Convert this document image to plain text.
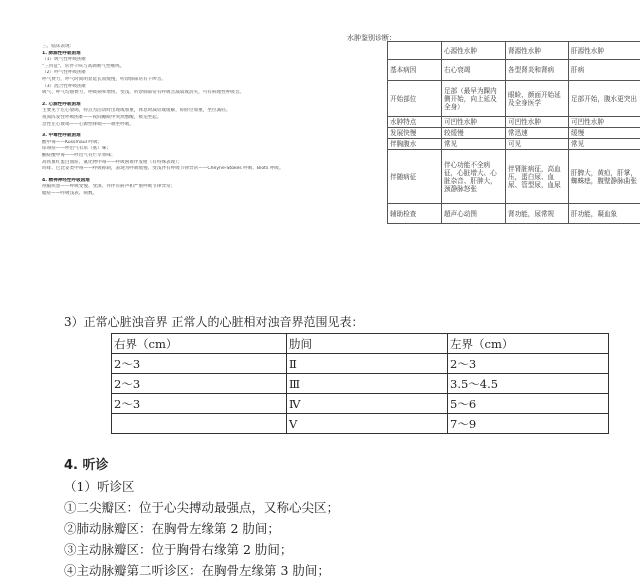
三、临床表现：
1. 肺源性呼吸困难
（1）吸气性呼吸困难
"三凹征"，常伴干咳与高调吸气性喉鸣。
（2）呼气性呼吸困难
呼气费力，呼气时间明显延长而缓慢，听诊肺部常有干啰音。
（3）混合性呼吸困难
吸气、呼气均感费力，呼吸频率增快、变浅，听诊肺部常有呼吸音减弱或消失，可有病理性呼吸音。
2. 心源性呼吸困难
主要见于左心衰竭，特点为活动时出现或加重，休息时减轻或缓解，仰卧位加重，坐位减轻。
夜间阵发性呼吸困难——夜间睡眠中突然憋醒，被迫坐起。
急性左心衰竭——心源性哮喘——端坐呼吸。
3. 中毒性呼吸困难
酸中毒——Kussmaul 呼吸；
尿毒症——呼出气有尿（氨）味；
酮症酸中毒——呼出气有烂苹果味；
高铁血红蛋白血症、氰化物中毒——呼吸困难伴发绀（有特殊表现）；
吗啡、巴比妥类中毒——呼吸抑制，表现为呼吸缓慢、变浅伴有呼吸节律异常——Cheyne-Stokes 呼吸、Biots 呼吸。
4. 精神神经性呼吸困难
颅脑疾患——呼吸变慢、变深，并伴有鼾声和严重呼吸节律异常；
癔症——呼吸浅表、频数。
水肿鉴别诊断：
	心源性水肿	肾源性水肿	肝源性水肿
基本病因	右心衰竭	各型肾炎和肾病	肝病
开始部位	足部（最早为踝内侧开始，向上延及全身）	眼睑、颜面开始延及全身医学	足部开始，腹水更突出
水肿特点	可凹性水肿	可凹性水肿	可凹性水肿
发展快慢	较缓慢	常迅速	缓慢
伴胸腹水	常见	可见	常见
伴随病征	伴心功能不全病征，心脏增大、心脏杂音、肝肿大，颈静脉怒张	伴肾脏病征，高血压，蛋白尿、血尿、管型尿，血尿	肝脾大，黄疸，肝掌，蜘蛛痣，腹壁静脉曲张
辅助检查	超声心动图	肾功能，尿常规	肝功能，凝血象
3）正常心脏浊音界 正常人的心脏相对浊音界范围见表：
右界（cm）	肋间	左界（cm）
2～3	Ⅱ	2～3
2～3	Ⅲ	3.5～4.5
2～3	Ⅳ	5～6
	Ⅴ	7～9
4. 听诊
（1）听诊区
①二尖瓣区：位于心尖搏动最强点，又称心尖区；
②肺动脉瓣区：在胸骨左缘第 2 肋间；
③主动脉瓣区：位于胸骨右缘第 2 肋间；
④主动脉瓣第二听诊区：在胸骨左缘第 3 肋间；
